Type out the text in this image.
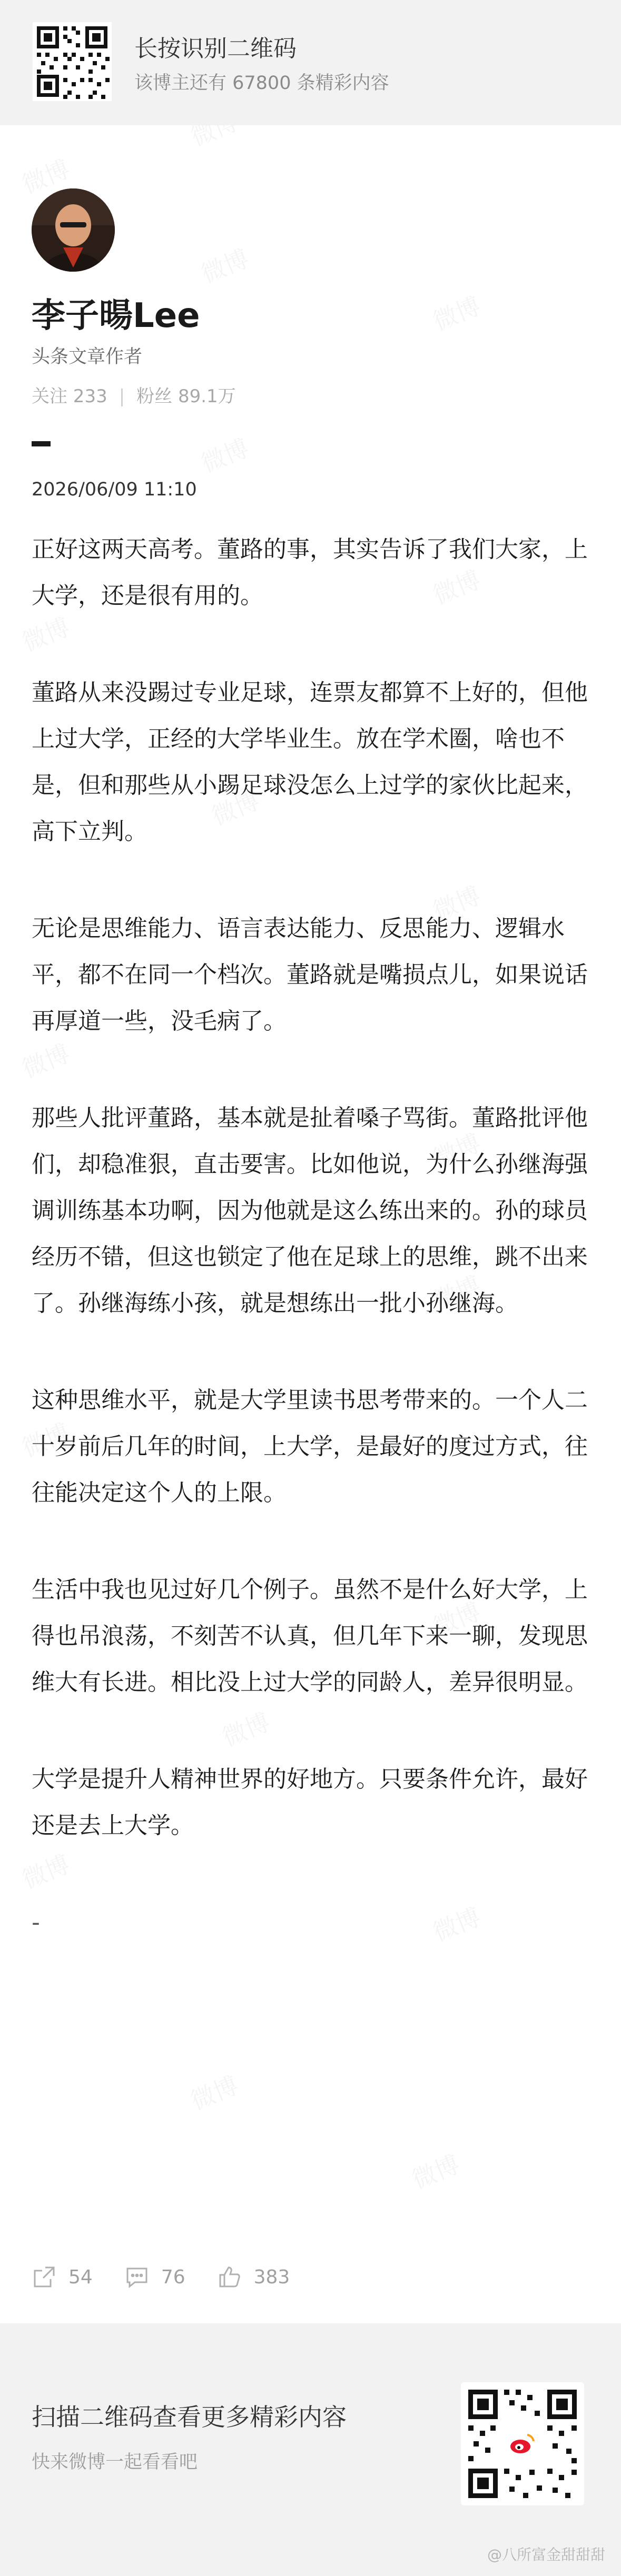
长按识别二维码
该博主还有 67800 条精彩内容
李子暘Lee
头条文章作者
关注 233 | 粉丝 89.1万
2026/06/09 11:10

正好这两天高考。董路的事，其实告诉了我们大家，上大学，还是很有用的。

董路从来没踢过专业足球，连票友都算不上好的，但他上过大学，正经的大学毕业生。放在学术圈，啥也不是，但和那些从小踢足球没怎么上过学的家伙比起来，高下立判。

无论是思维能力、语言表达能力、反思能力、逻辑水平，都不在同一个档次。董路就是嘴损点儿，如果说话再厚道一些，没毛病了。

那些人批评董路，基本就是扯着嗓子骂街。董路批评他们，却稳准狠，直击要害。比如他说，为什么孙继海强调训练基本功啊，因为他就是这么练出来的。孙的球员经历不错，但这也锁定了他在足球上的思维，跳不出来了。孙继海练小孩，就是想练出一批小孙继海。

这种思维水平，就是大学里读书思考带来的。一个人二十岁前后几年的时间，上大学，是最好的度过方式，往往能决定这个人的上限。

生活中我也见过好几个例子。虽然不是什么好大学，上得也吊浪荡，不刻苦不认真，但几年下来一聊，发现思维大有长进。相比没上过大学的同龄人，差异很明显。

大学是提升人精神世界的好地方。只要条件允许，最好还是去上大学。

-

54	76	383
扫描二维码查看更多精彩内容
快来微博一起看看吧
@八所富金甜甜甜
